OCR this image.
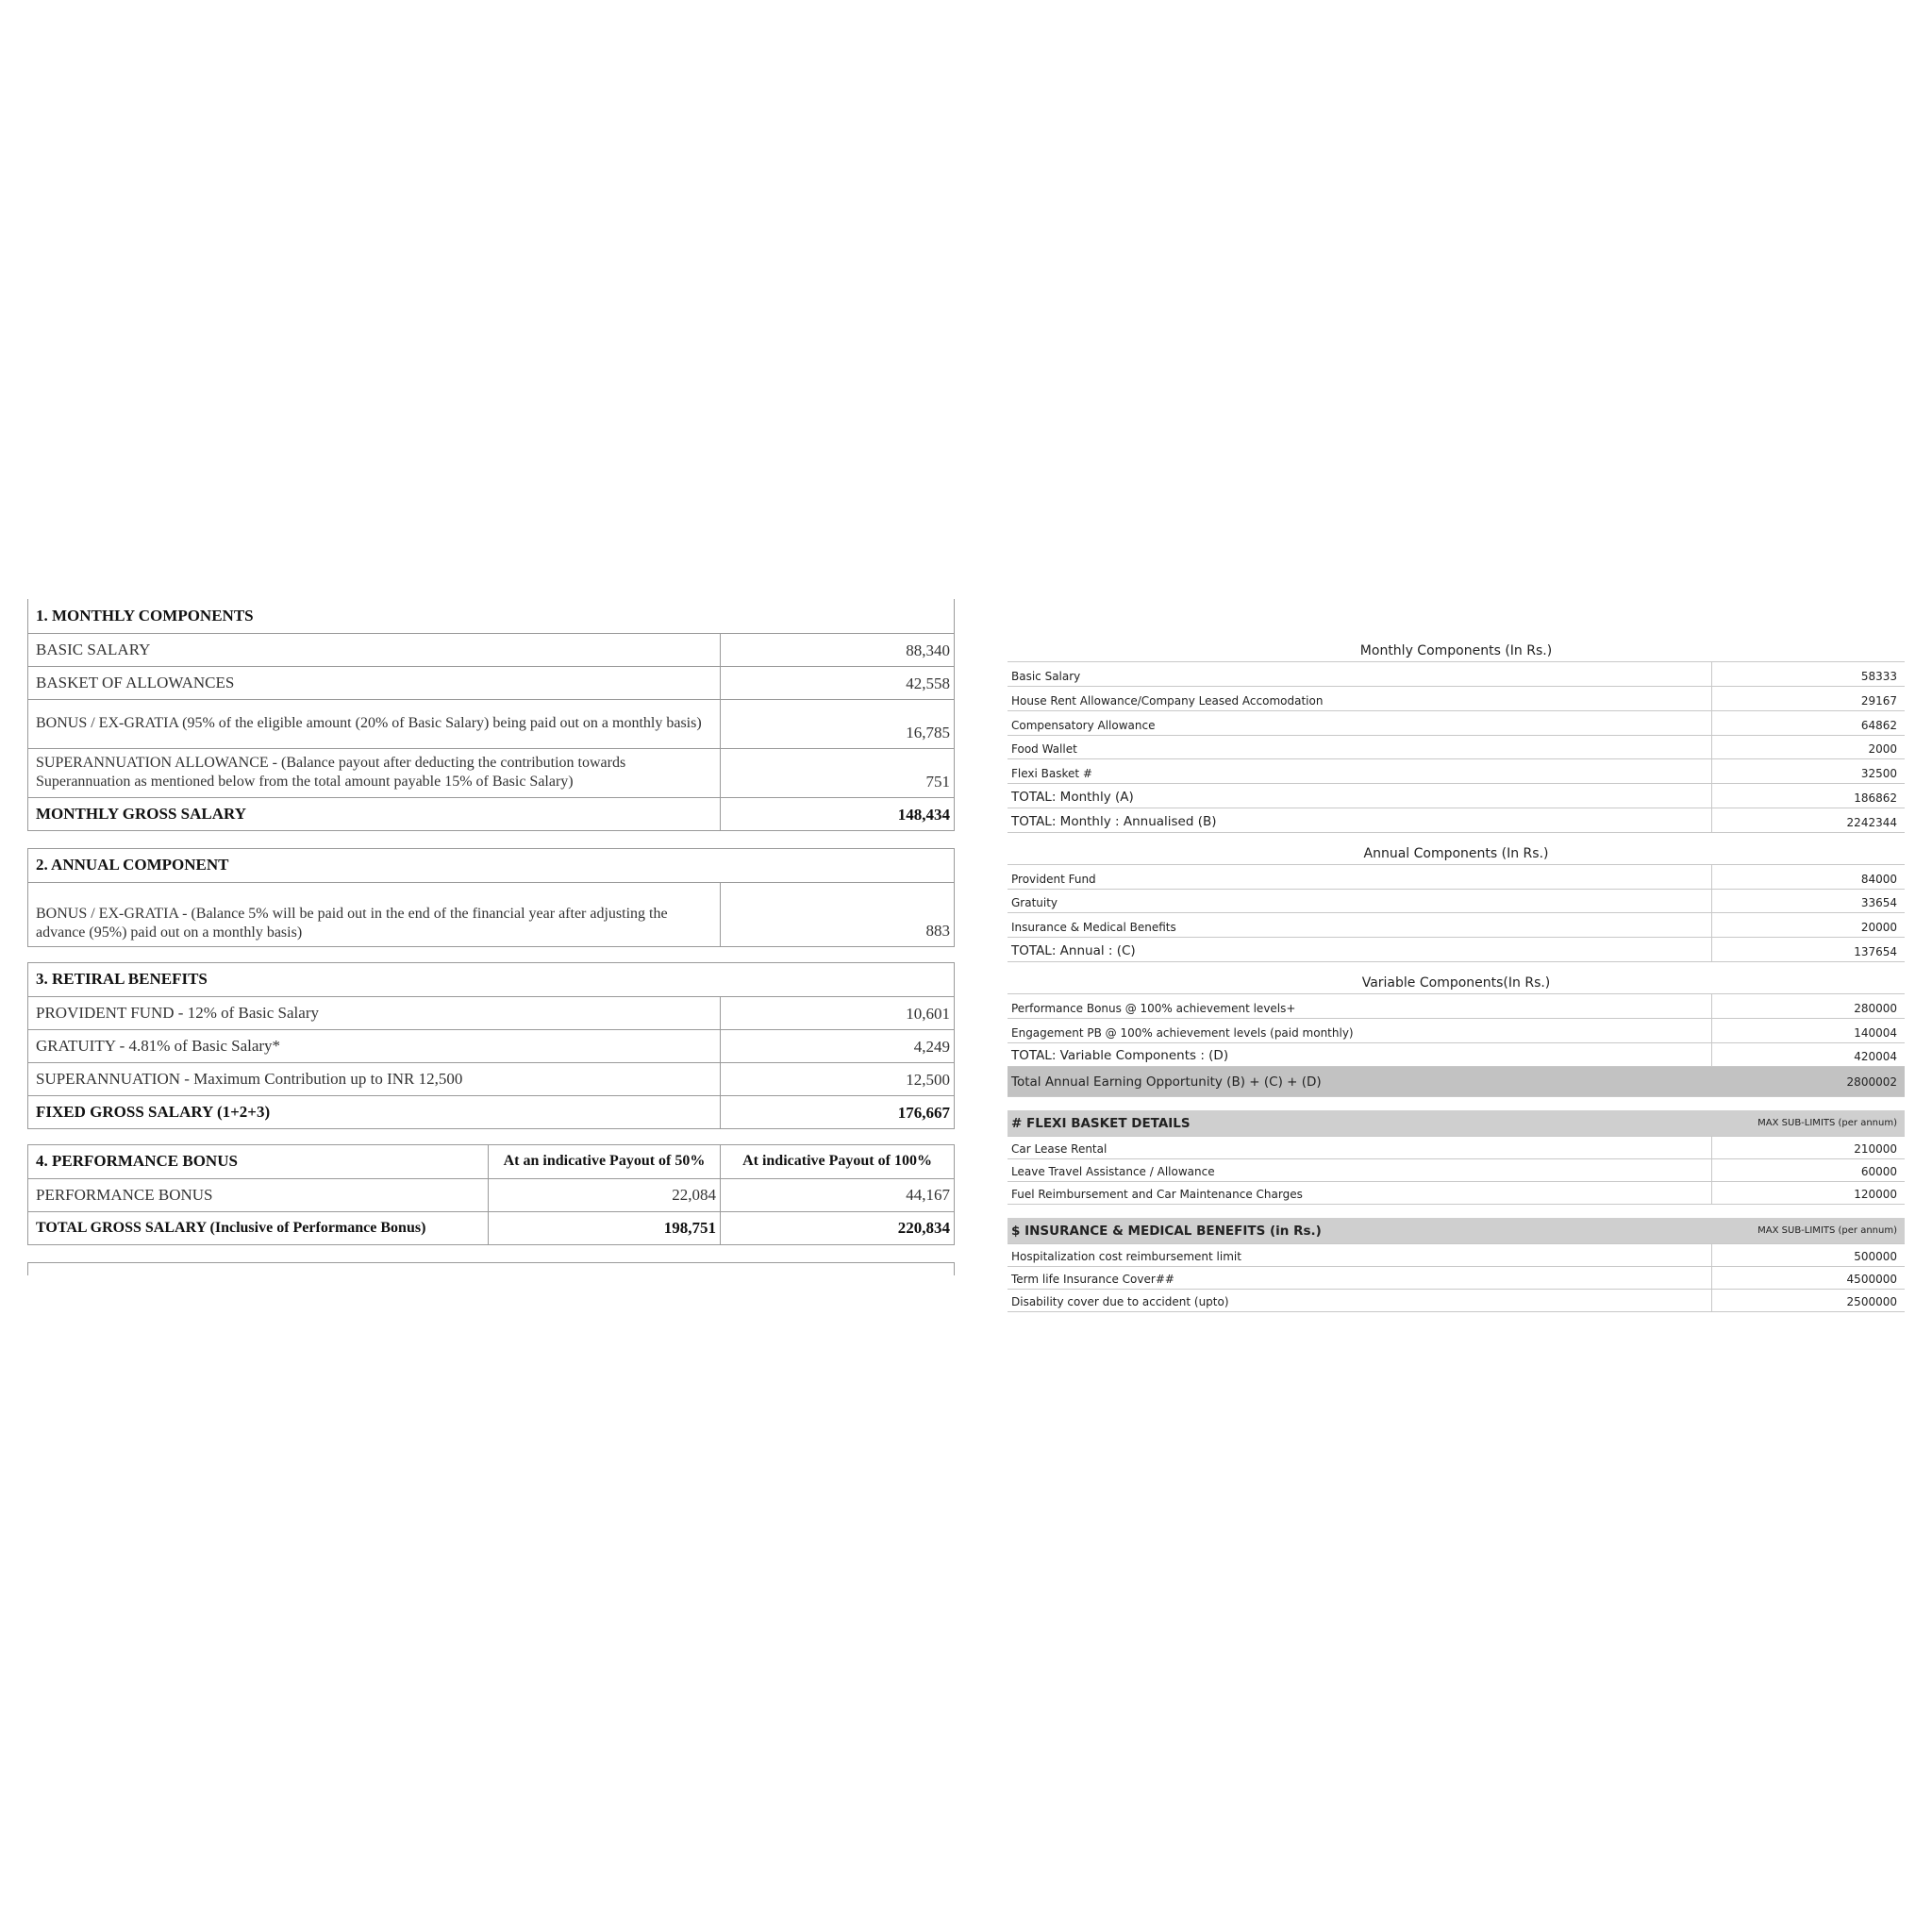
1. MONTHLY COMPONENTS	
BASIC SALARY	88,340
BASKET OF ALLOWANCES	42,558
BONUS / EX-GRATIA (95% of the eligible amount (20% of Basic Salary) being paid out on a monthly basis)	16,785
SUPERANNUATION ALLOWANCE - (Balance payout after deducting the contribution towards Superannuation as mentioned below from the total amount payable 15% of Basic Salary)	751
MONTHLY GROSS SALARY	148,434
2. ANNUAL COMPONENT
BONUS / EX-GRATIA - (Balance 5% will be paid out in the end of the financial year after adjusting the advance (95%) paid out on a monthly basis)	883
3. RETIRAL BENEFITS	
PROVIDENT FUND - 12% of Basic Salary	10,601
GRATUITY - 4.81% of Basic Salary*	4,249
SUPERANNUATION - Maximum Contribution up to INR 12,500	12,500
FIXED GROSS SALARY (1+2+3)	176,667
4. PERFORMANCE BONUS	At an indicative Payout of 50%	At indicative Payout of 100%
PERFORMANCE BONUS	22,084	44,167
TOTAL GROSS SALARY (Inclusive of Performance Bonus)	198,751	220,834
Monthly Components (In Rs.)	
Basic Salary	58333
House Rent Allowance/Company Leased Accomodation	29167
Compensatory Allowance	64862
Food Wallet	2000
Flexi Basket #	32500
TOTAL: Monthly (A)	186862
TOTAL: Monthly : Annualised (B)	2242344
Annual Components (In Rs.)	
Provident Fund	84000
Gratuity	33654
Insurance & Medical Benefits	20000
TOTAL: Annual : (C)	137654
Variable Components(In Rs.)	
Performance Bonus @ 100% achievement levels+	280000
Engagement PB @ 100% achievement levels (paid monthly)	140004
TOTAL: Variable Components : (D)	420004
Total Annual Earning Opportunity (B) + (C) + (D)	2800002

# FLEXI BASKET DETAILS	MAX SUB-LIMITS (per annum)
Car Lease Rental	210000
Leave Travel Assistance / Allowance	60000
Fuel Reimbursement and Car Maintenance Charges	120000

$ INSURANCE & MEDICAL BENEFITS (in Rs.)	MAX SUB-LIMITS (per annum)
Hospitalization cost reimbursement limit	500000
Term life Insurance Cover##	4500000
Disability cover due to accident (upto)	2500000
